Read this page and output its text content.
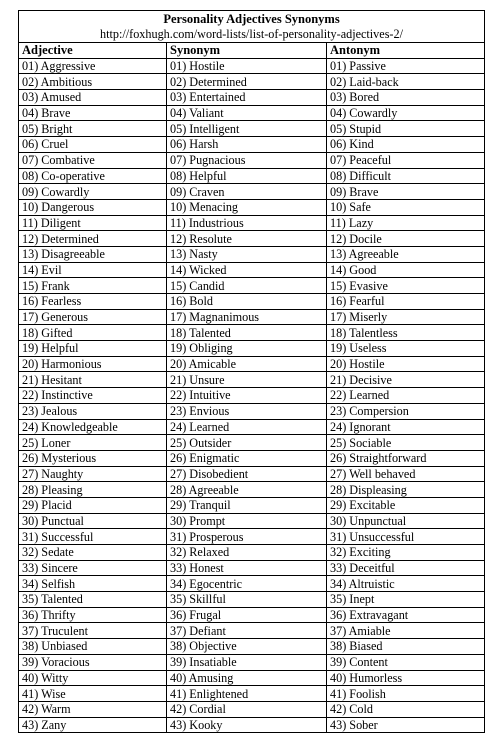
Personality Adjectives Synonyms
http://foxhugh.com/word-lists/list-of-personality-adjectives-2/		

Adjective	Synonym	Antonym
01) Aggressive	01) Hostile	01) Passive
02) Ambitious	02) Determined	02) Laid-back
03) Amused	03) Entertained	03) Bored
04) Brave	04) Valiant	04) Cowardly
05) Bright	05) Intelligent	05) Stupid
06) Cruel	06) Harsh	06) Kind
07) Combative	07) Pugnacious	07) Peaceful
08) Co-operative	08) Helpful	08) Difficult
09) Cowardly	09) Craven	09) Brave
10) Dangerous	10) Menacing	10) Safe
11) Diligent	11) Industrious	11) Lazy
12) Determined	12) Resolute	12) Docile
13) Disagreeable	13) Nasty	13) Agreeable
14) Evil	14) Wicked	14) Good
15) Frank	15) Candid	15) Evasive
16) Fearless	16) Bold	16) Fearful
17) Generous	17) Magnanimous	17) Miserly
18) Gifted	18) Talented	18) Talentless
19) Helpful	19) Obliging	19) Useless
20) Harmonious	20) Amicable	20) Hostile
21) Hesitant	21) Unsure	21) Decisive
22) Instinctive	22) Intuitive	22) Learned
23) Jealous	23) Envious	23) Compersion
24) Knowledgeable	24) Learned	24) Ignorant
25) Loner	25) Outsider	25) Sociable
26) Mysterious	26) Enigmatic	26) Straightforward
27) Naughty	27) Disobedient	27) Well behaved
28) Pleasing	28) Agreeable	28) Displeasing
29) Placid	29) Tranquil	29) Excitable
30) Punctual	30) Prompt	30) Unpunctual
31) Successful	31) Prosperous	31) Unsuccessful
32) Sedate	32) Relaxed	32) Exciting
33) Sincere	33) Honest	33) Deceitful
34) Selfish	34) Egocentric	34) Altruistic
35) Talented	35) Skillful	35) Inept
36) Thrifty	36) Frugal	36) Extravagant
37) Truculent	37) Defiant	37) Amiable
38) Unbiased	38) Objective	38) Biased
39) Voracious	39) Insatiable	39) Content
40) Witty	40) Amusing	40) Humorless
41) Wise	41) Enlightened	41) Foolish
42) Warm	42) Cordial	42) Cold
43) Zany	43) Kooky	43) Sober
